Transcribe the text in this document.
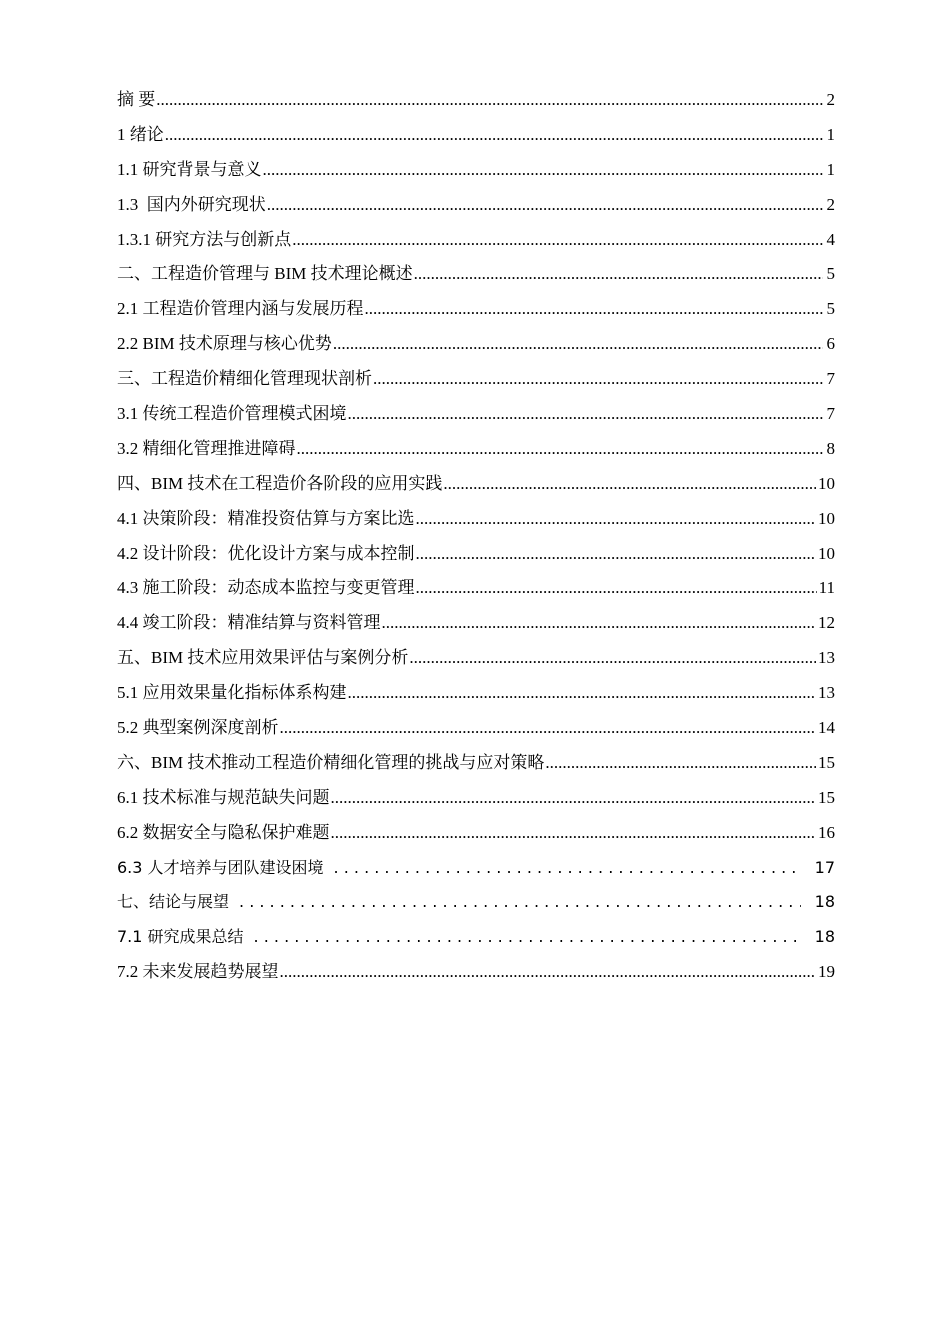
摘 要 .....	2
1 绪论 .....	1
1.1 研究背景与意义 .....	1
1.3  国内外研究现状 .....	2
1.3.1 研究方法与创新点 .....	4
二、工程造价管理与 BIM 技术理论概述 .....	5
2.1 工程造价管理内涵与发展历程 .....	5
2.2 BIM 技术原理与核心优势 .....	6
三、工程造价精细化管理现状剖析 .....	7
3.1 传统工程造价管理模式困境 .....	7
3.2 精细化管理推进障碍 .....	8
四、BIM 技术在工程造价各阶段的应用实践 .....	10
4.1 决策阶段：精准投资估算与方案比选 .....	10
4.2 设计阶段：优化设计方案与成本控制 .....	10
4.3 施工阶段：动态成本监控与变更管理 .....	11
4.4 竣工阶段：精准结算与资料管理 .....	12
五、BIM 技术应用效果评估与案例分析 .....	13
5.1 应用效果量化指标体系构建 .....	13
5.2 典型案例深度剖析 .....	14
六、BIM 技术推动工程造价精细化管理的挑战与应对策略 .....	15
6.1 技术标准与规范缺失问题 .....	15
6.2 数据安全与隐私保护难题 .....	16
6.3 人才培养与团队建设困境 . . .	17
七、结论与展望 . . .	18
7.1 研究成果总结 . . .	18
7.2 未来发展趋势展望 .....	19
